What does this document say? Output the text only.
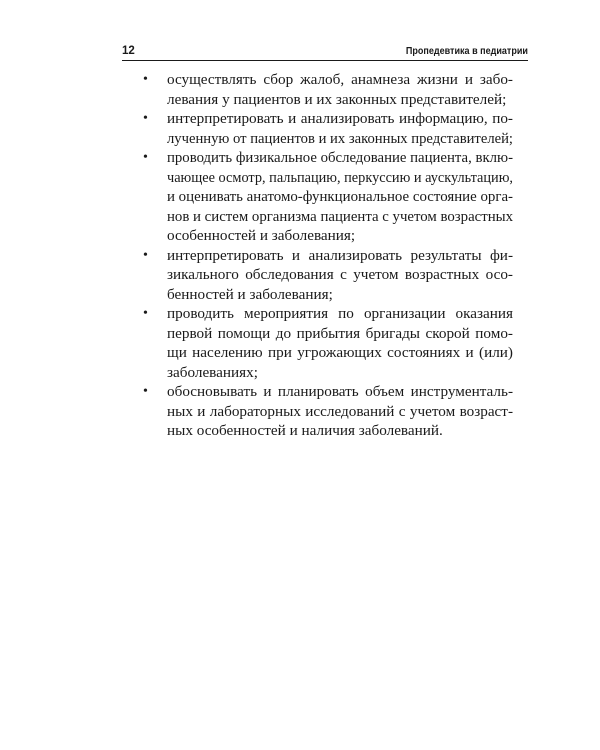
12	Пропедевтика в педиатрии
• осуществлять сбор жалоб, анамнеза жизни и забо-
левания у пациентов и их законных представителей;
• интерпретировать и анализировать информацию, по-
лученную от пациентов и их законных представителей;
• проводить физикальное обследование пациента, вклю-
чающее осмотр, пальпацию, перкуссию и аускультацию,
и оценивать анатомо-функциональное состояние орга-
нов и систем организма пациента с учетом возрастных
особенностей и заболевания;
• интерпретировать и анализировать результаты фи-
зикального обследования с учетом возрастных осо-
бенностей и заболевания;
• проводить мероприятия по организации оказания
первой помощи до прибытия бригады скорой помо-
щи населению при угрожающих состояниях и (или)
заболеваниях;
• обосновывать и планировать объем инструменталь-
ных и лабораторных исследований с учетом возраст-
ных особенностей и наличия заболеваний.
